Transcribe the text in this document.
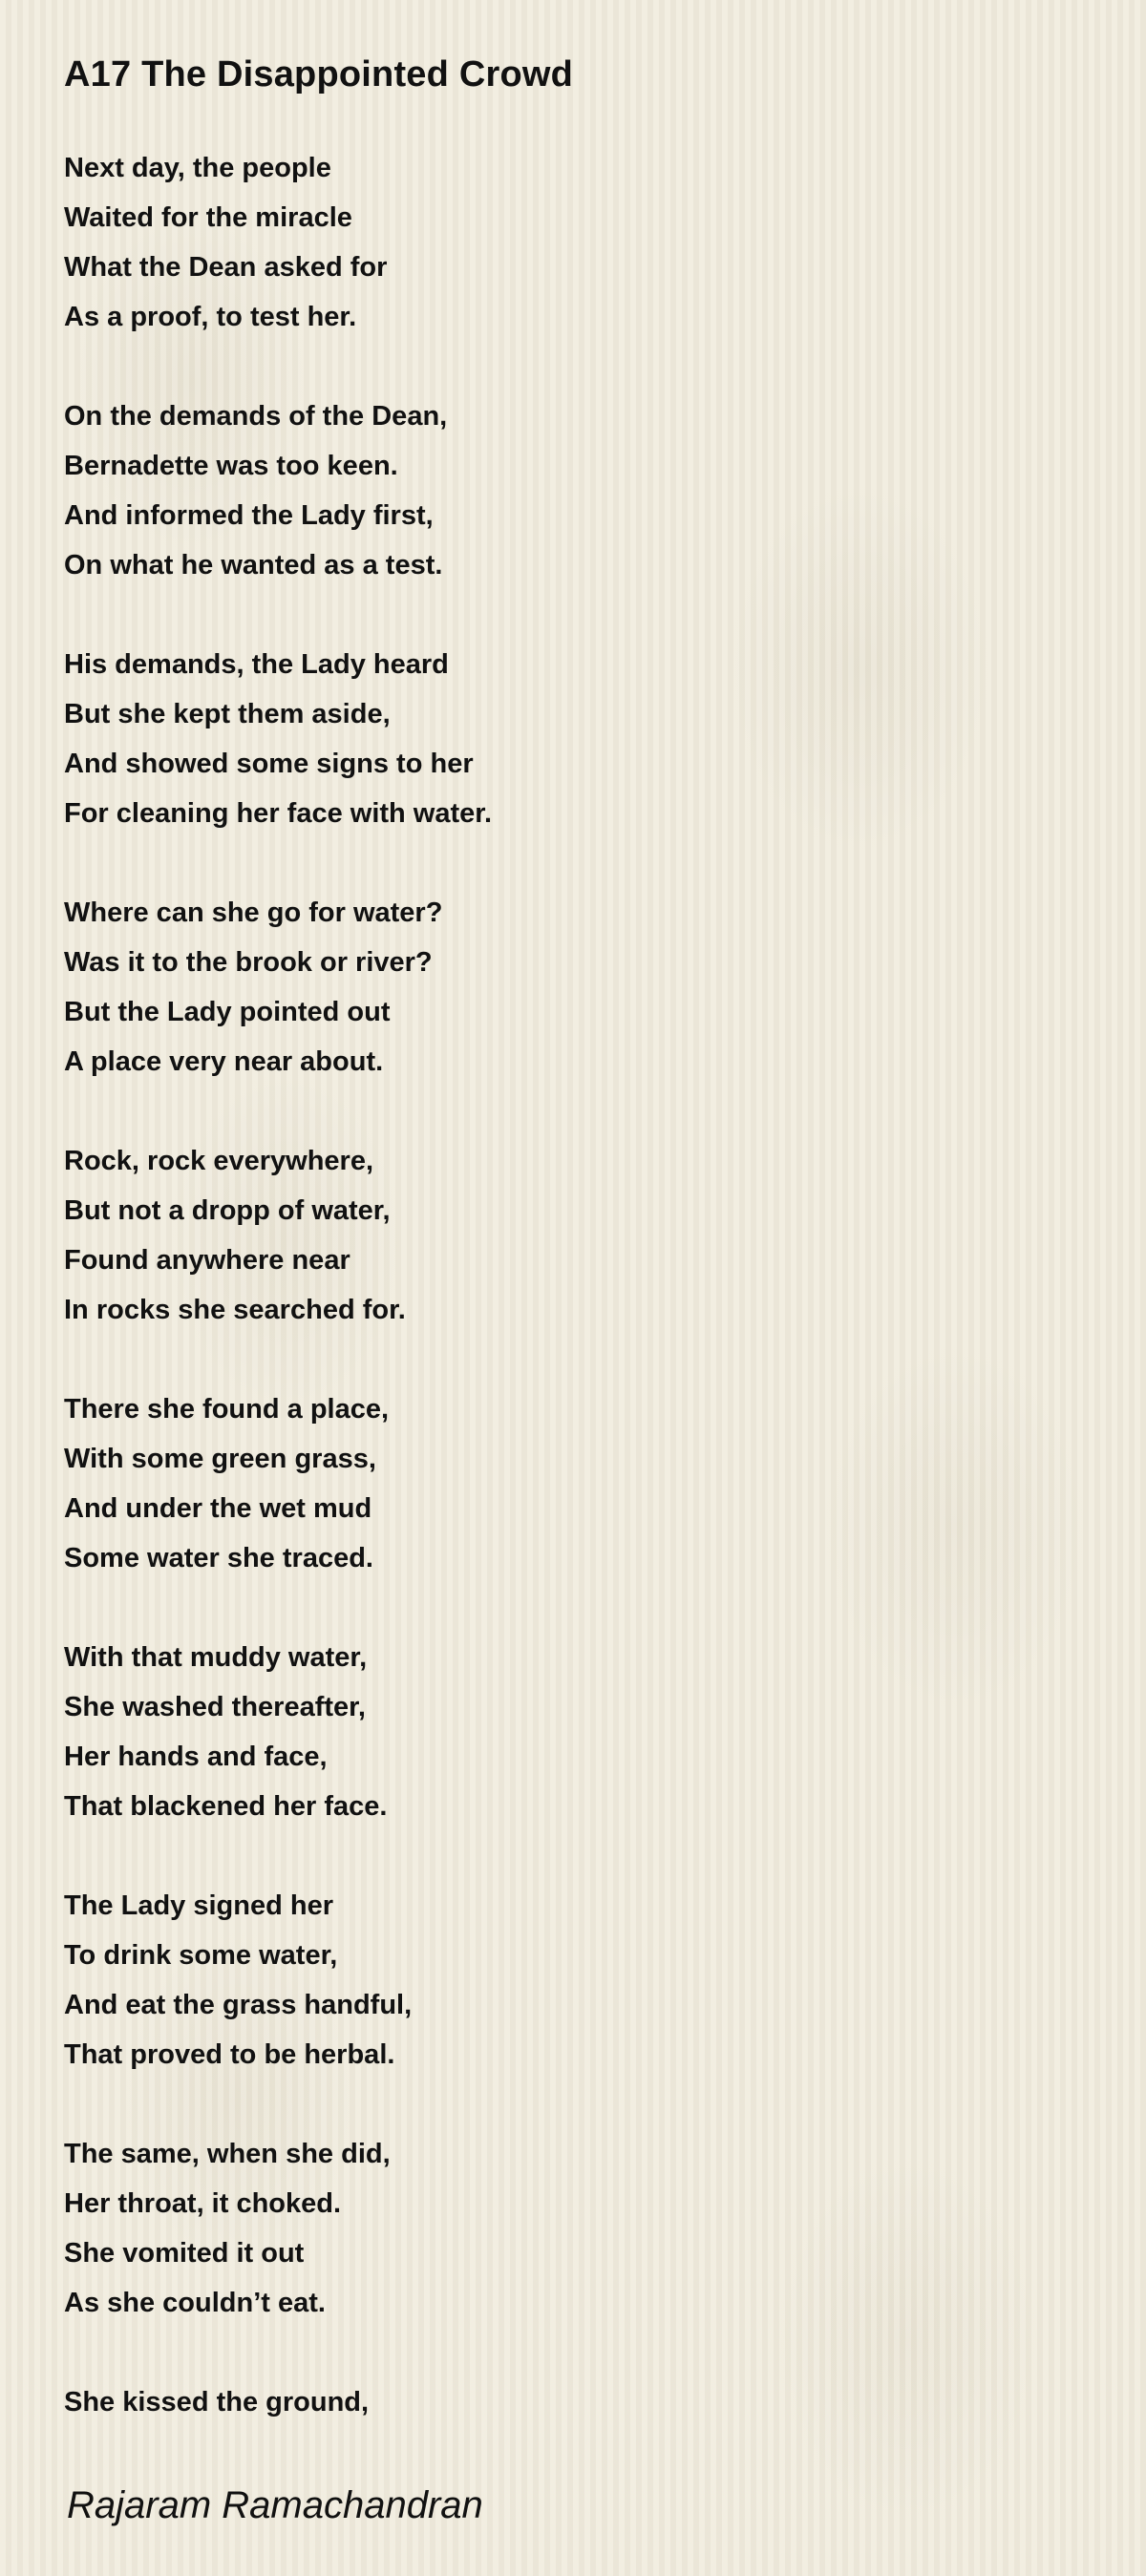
A17 The Disappointed Crowd
Next day, the people
Waited for the miracle
What the Dean asked for
As a proof, to test her.
On the demands of the Dean,
Bernadette was too keen.
And informed the Lady first,
On what he wanted as a test.
His demands, the Lady heard
But she kept them aside,
And showed some signs to her
For cleaning her face with water.
Where can she go for water?
Was it to the brook or river?
But the Lady pointed out
A place very near about.
Rock, rock everywhere,
But not a dropp of water,
Found anywhere near
In rocks she searched for.
There she found a place,
With some green grass,
And under the wet mud
Some water she traced.
With that muddy water,
She washed thereafter,
Her hands and face,
That blackened her face.
The Lady signed her
To drink some water,
And eat the grass handful,
That proved to be herbal.
The same, when she did,
Her throat, it choked.
She vomited it out
As she couldn’t eat.
She kissed the ground,
Rajaram Ramachandran
